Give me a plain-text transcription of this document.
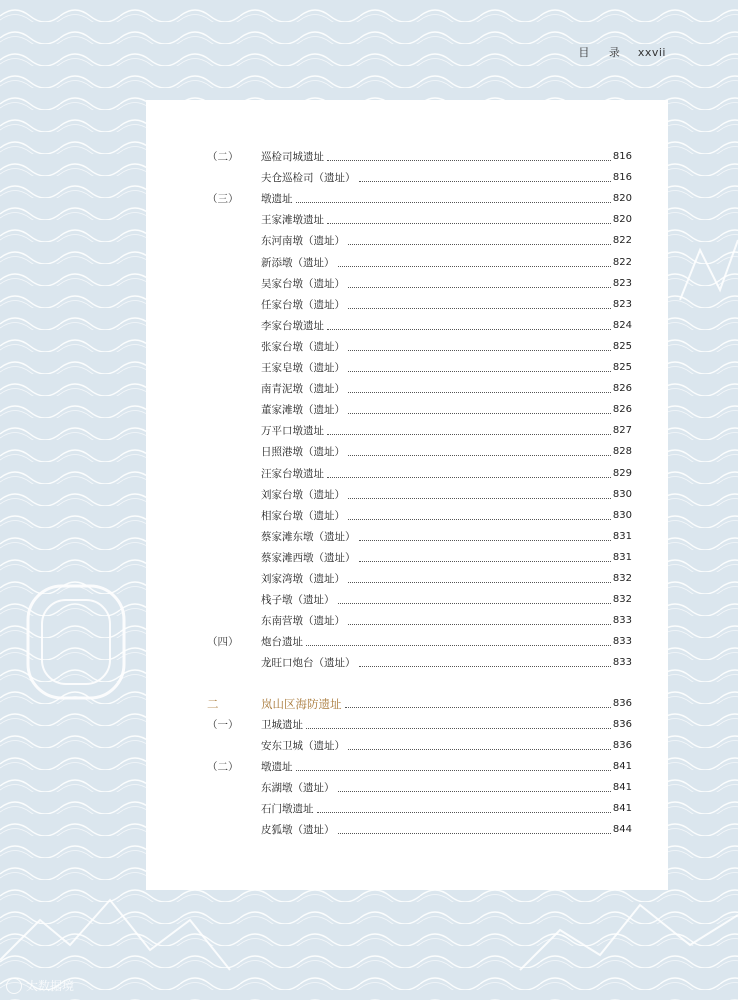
目 录 xxvii
（二）	巡检司城遗址	816
夫仓巡检司（遗址）	816
（三）	墩遗址	820
王家滩墩遗址	820
东河南墩（遗址）	822
新添墩（遗址）	822
吴家台墩（遗址）	823
任家台墩（遗址）	823
李家台墩遗址	824
张家台墩（遗址）	825
王家皂墩（遗址）	825
南青泥墩（遗址）	826
董家滩墩（遗址）	826
万平口墩遗址	827
日照港墩（遗址）	828
汪家台墩遗址	829
刘家台墩（遗址）	830
相家台墩（遗址）	830
蔡家滩东墩（遗址）	831
蔡家滩西墩（遗址）	831
刘家湾墩（遗址）	832
栈子墩（遗址）	832
东南营墩（遗址）	833
（四）	炮台遗址	833
龙旺口炮台（遗址）	833
二	岚山区海防遗址	836
（一）	卫城遗址	836
安东卫城（遗址）	836
（二）	墩遗址	841
东湖墩（遗址）	841
石门墩遗址	841
皮狐墩（遗址）	844
大数据境
